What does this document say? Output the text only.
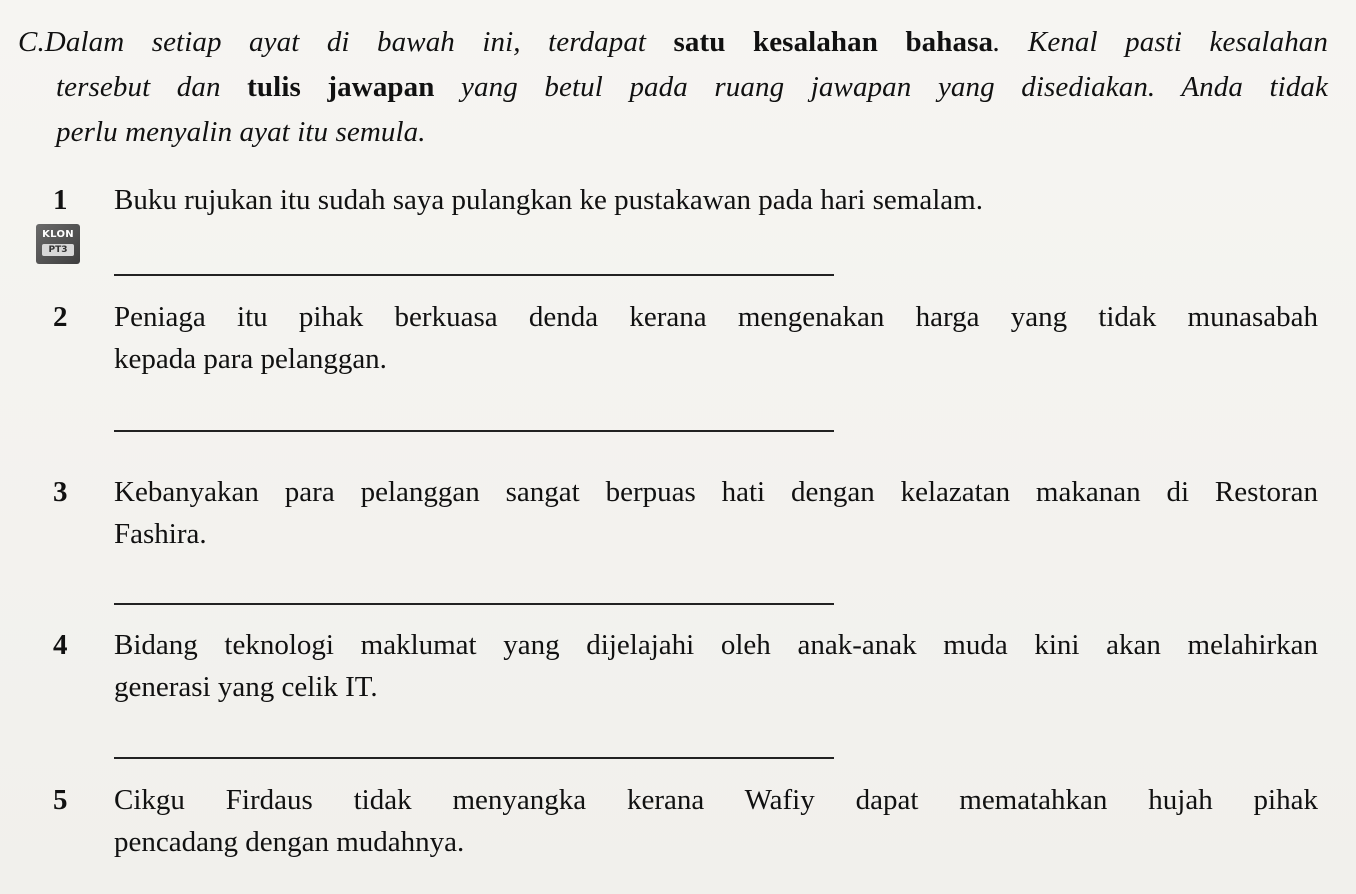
C.Dalam setiap ayat di bawah ini, terdapat satu kesalahan bahasa. Kenal pasti kesalahan
tersebut dan tulis jawapan yang betul pada ruang jawapan yang disediakan. Anda tidak
perlu menyalin ayat itu semula.
KLON
PT3
1 Buku rujukan itu sudah saya pulangkan ke pustakawan pada hari semalam.
2 Peniaga itu pihak berkuasa denda kerana mengenakan harga yang tidak munasabah
kepada para pelanggan.
3 Kebanyakan para pelanggan sangat berpuas hati dengan kelazatan makanan di Restoran
Fashira.
4 Bidang teknologi maklumat yang dijelajahi oleh anak-anak muda kini akan melahirkan
generasi yang celik IT.
5 Cikgu Firdaus tidak menyangka kerana Wafiy dapat mematahkan hujah pihak
pencadang dengan mudahnya.
